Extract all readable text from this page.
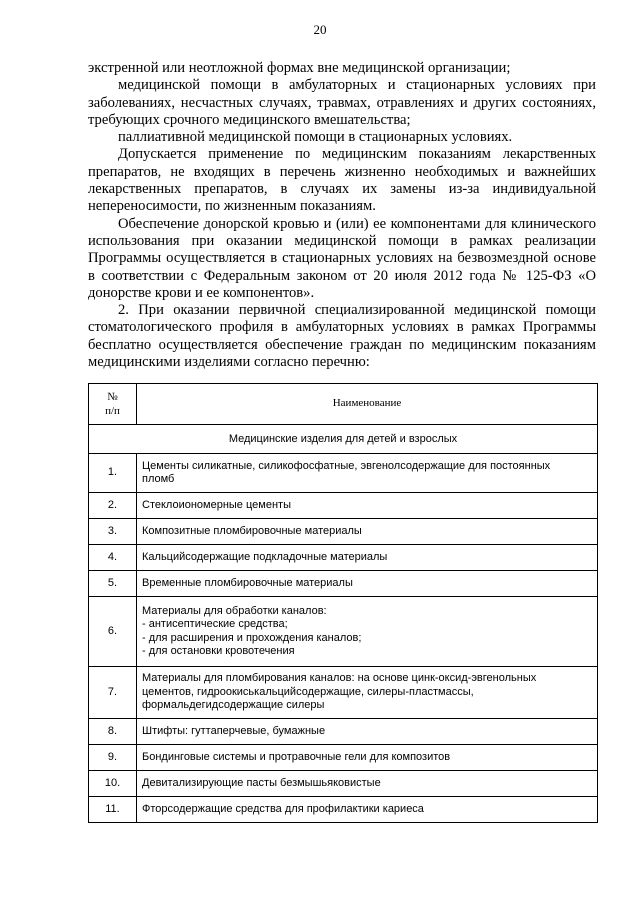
20

экстренной или неотложной формах вне медицинской организации;

медицинской помощи в амбулаторных и стационарных условиях при заболеваниях, несчастных случаях, травмах, отравлениях и других состояниях, требующих срочного медицинского вмешательства;

паллиативной медицинской помощи в стационарных условиях.

Допускается применение по медицинским показаниям лекарственных препаратов, не входящих в перечень жизненно необходимых и важнейших лекарственных препаратов, в случаях их замены из-за индивидуальной непереносимости, по жизненным показаниям.

Обеспечение донорской кровью и (или) ее компонентами для клинического использования при оказании медицинской помощи в рамках реализации Программы осуществляется в стационарных условиях на безвозмездной основе в соответствии с Федеральным законом от 20 июля 2012 года № 125-ФЗ «О донорстве крови и ее компонентов».

2. При оказании первичной специализированной медицинской помощи стоматологического профиля в амбулаторных условиях в рамках Программы бесплатно осуществляется обеспечение граждан по медицинским показаниям медицинскими изделиями согласно перечню:

№
п/п	Наименование
Медицинские изделия для детей и взрослых	
1.	Цементы силикатные, силикофосфатные, эвгенолсодержащие для постоянных
пломб

2.	Стеклоиономерные цементы

3.	Композитные пломбировочные материалы

4.	Кальцийсодержащие подкладочные материалы

5.	Временные пломбировочные материалы

6.	Материалы для обработки каналов:
- антисептические средства;
- для расширения и прохождения каналов;
- для остановки кровотечения

7.	Материалы для пломбирования каналов: на основе цинк-оксид-эвгенольных
цементов, гидроокиськальцийсодержащие, силеры-пластмассы,
формальдегидсодержащие силеры

8.	Штифты: гуттаперчевые, бумажные

9.	Бондинговые системы и протравочные гели для композитов

10.	Девитализирующие пасты безмышьяковистые

11.	Фторсодержащие средства для профилактики кариеса
